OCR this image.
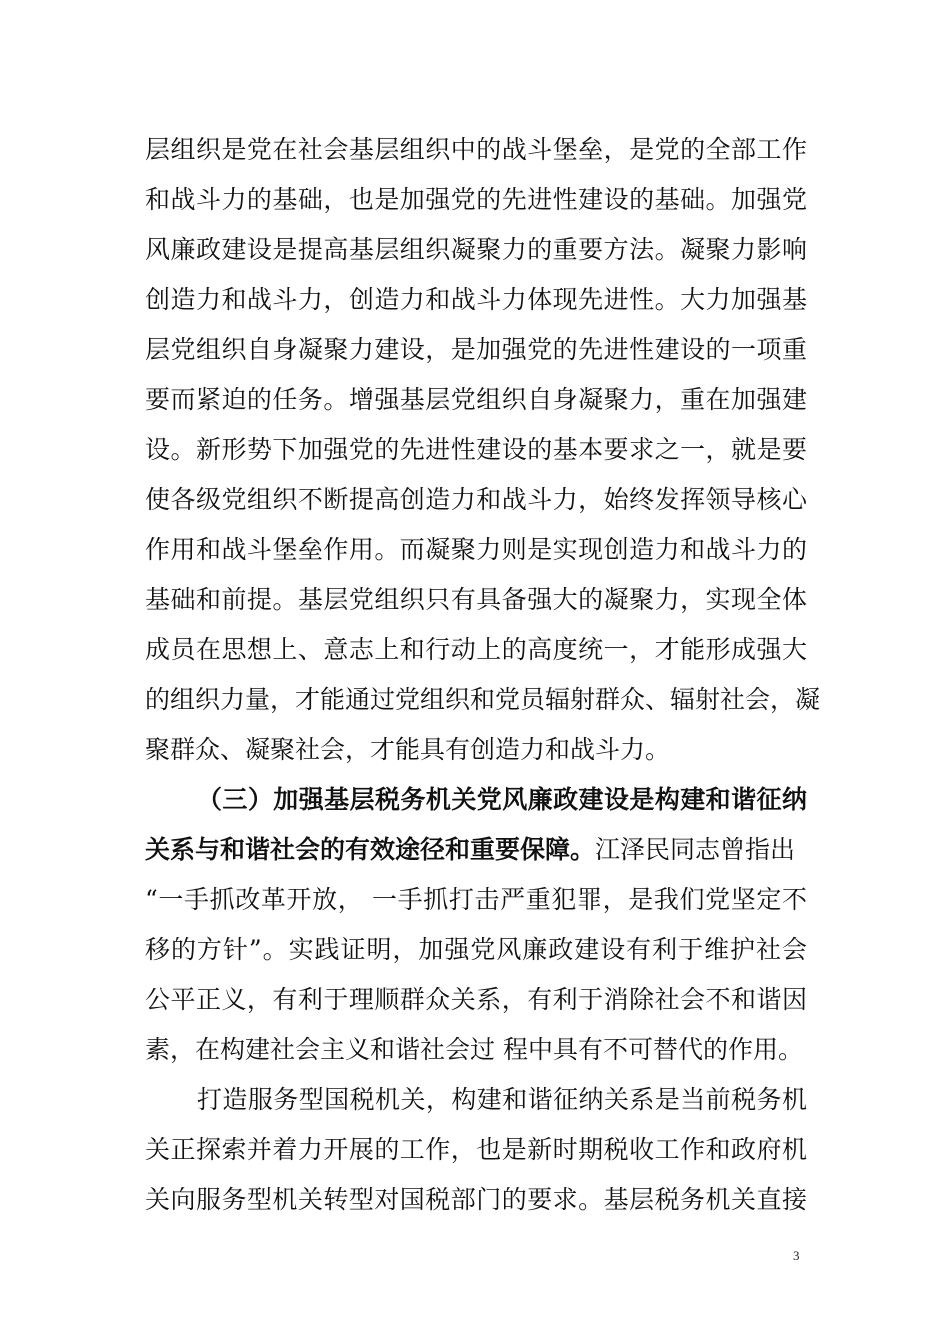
层组织是党在社会基层组织中的战斗堡垒，是党的全部工作
和战斗力的基础，也是加强党的先进性建设的基础。加强党
风廉政建设是提高基层组织凝聚力的重要方法。凝聚力影响
创造力和战斗力，创造力和战斗力体现先进性。大力加强基
层党组织自身凝聚力建设，是加强党的先进性建设的一项重
要而紧迫的任务。增强基层党组织自身凝聚力，重在加强建
设。新形势下加强党的先进性建设的基本要求之一，就是要
使各级党组织不断提高创造力和战斗力，始终发挥领导核心
作用和战斗堡垒作用。而凝聚力则是实现创造力和战斗力的
基础和前提。基层党组织只有具备强大的凝聚力，实现全体
成员在思想上、意志上和行动上的高度统一，才能形成强大
的组织力量，才能通过党组织和党员辐射群众、辐射社会，凝
聚群众、凝聚社会，才能具有创造力和战斗力。
（三）加强基层税务机关党风廉政建设是构建和谐征纳
关系与和谐社会的有效途径和重要保障。江泽民同志曾指出
“一手抓改革开放， 一手抓打击严重犯罪，是我们党坚定不
移的方针”。实践证明，加强党风廉政建设有利于维护社会
公平正义，有利于理顺群众关系，有利于消除社会不和谐因
素，在构建社会主义和谐社会过 程中具有不可替代的作用。
打造服务型国税机关，构建和谐征纳关系是当前税务机
关正探索并着力开展的工作，也是新时期税收工作和政府机
关向服务型机关转型对国税部门的要求。基层税务机关直接
3
